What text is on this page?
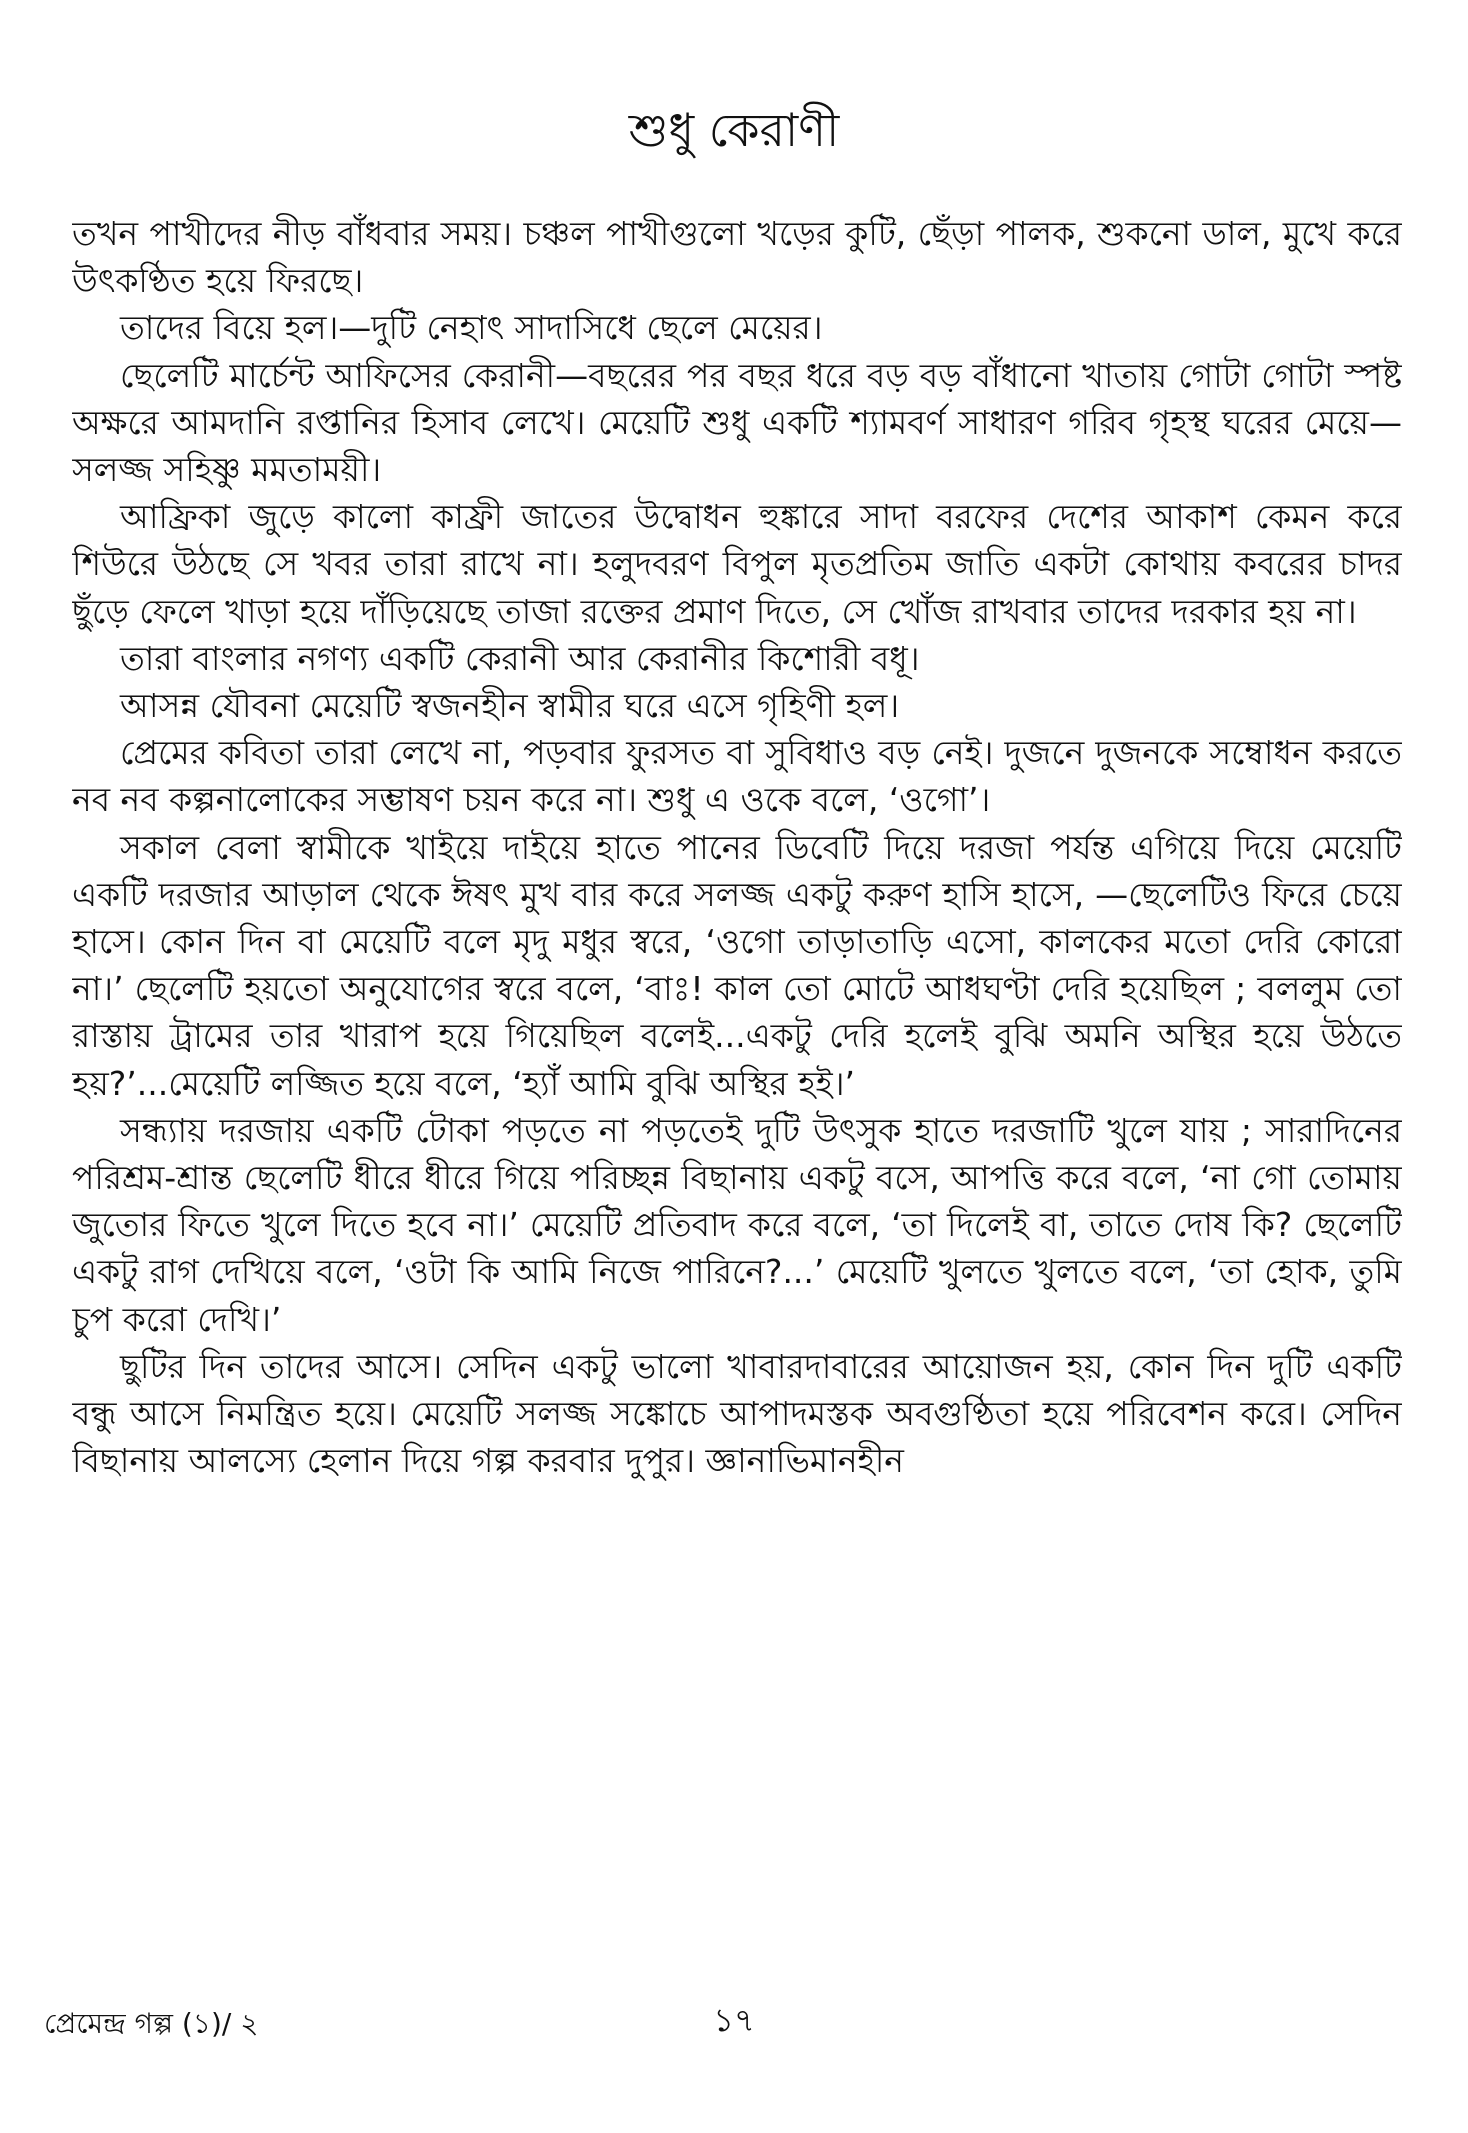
শুধু কেরাণী

তখন পাখীদের নীড় বাঁধবার সময়। চঞ্চল পাখীগুলো খড়ের কুটি, ছেঁড়া পালক, শুকনো ডাল, মুখে করে উৎকণ্ঠিত হয়ে ফিরছে।

তাদের বিয়ে হল।—দুটি নেহাৎ সাদাসিধে ছেলে মেয়ের।

ছেলেটি মার্চেন্ট আফিসের কেরানী—বছরের পর বছর ধরে বড় বড় বাঁধানো খাতায় গোটা গোটা স্পষ্ট অক্ষরে আমদানি রপ্তানির হিসাব লেখে। মেয়েটি শুধু একটি শ্যামবর্ণ সাধারণ গরিব গৃহস্থ ঘরের মেয়ে—সলজ্জ সহিষ্ণু মমতাময়ী।

আফ্রিকা জুড়ে কালো কাফ্রী জাতের উদ্বোধন হুঙ্কারে সাদা বরফের দেশের আকাশ কেমন করে শিউরে উঠছে সে খবর তারা রাখে না। হলুদবরণ বিপুল মৃতপ্রতিম জাতি একটা কোথায় কবরের চাদর ছুঁড়ে ফেলে খাড়া হয়ে দাঁড়িয়েছে তাজা রক্তের প্রমাণ দিতে, সে খোঁজ রাখবার তাদের দরকার হয় না।

তারা বাংলার নগণ্য একটি কেরানী আর কেরানীর কিশোরী বধূ।

আসন্ন যৌবনা মেয়েটি স্বজনহীন স্বামীর ঘরে এসে গৃহিণী হল।

প্রেমের কবিতা তারা লেখে না, পড়বার ফুরসত বা সুবিধাও বড় নেই। দুজনে দুজনকে সম্বোধন করতে নব নব কল্পনালোকের সম্ভাষণ চয়ন করে না। শুধু এ ওকে বলে, ‘ওগো’।

সকাল বেলা স্বামীকে খাইয়ে দাইয়ে হাতে পানের ডিবেটি দিয়ে দরজা পর্যন্ত এগিয়ে দিয়ে মেয়েটি একটি দরজার আড়াল থেকে ঈষৎ মুখ বার করে সলজ্জ একটু করুণ হাসি হাসে, —ছেলেটিও ফিরে চেয়ে হাসে। কোন দিন বা মেয়েটি বলে মৃদু মধুর স্বরে, ‘ওগো তাড়াতাড়ি এসো, কালকের মতো দেরি কোরো না।’ ছেলেটি হয়তো অনুযোগের স্বরে বলে, ‘বাঃ! কাল তো মোটে আধঘণ্টা দেরি হয়েছিল ; বললুম তো রাস্তায় ট্রামের তার খারাপ হয়ে গিয়েছিল বলেই...একটু দেরি হলেই বুঝি অমনি অস্থির হয়ে উঠতে হয়?’...মেয়েটি লজ্জিত হয়ে বলে, ‘হ্যাঁ আমি বুঝি অস্থির হই।’

সন্ধ্যায় দরজায় একটি টোকা পড়তে না পড়তেই দুটি উৎসুক হাতে দরজাটি খুলে যায় ; সারাদিনের পরিশ্রম-শ্রান্ত ছেলেটি ধীরে ধীরে গিয়ে পরিচ্ছন্ন বিছানায় একটু বসে, আপত্তি করে বলে, ‘না গো তোমায় জুতোর ফিতে খুলে দিতে হবে না।’ মেয়েটি প্রতিবাদ করে বলে, ‘তা দিলেই বা, তাতে দোষ কি? ছেলেটি একটু রাগ দেখিয়ে বলে, ‘ওটা কি আমি নিজে পারিনে?...’ মেয়েটি খুলতে খুলতে বলে, ‘তা হোক, তুমি চুপ করো দেখি।’

ছুটির দিন তাদের আসে। সেদিন একটু ভালো খাবারদাবারের আয়োজন হয়, কোন দিন দুটি একটি বন্ধু আসে নিমন্ত্রিত হয়ে। মেয়েটি সলজ্জ সঙ্কোচে আপাদমস্তক অবগুণ্ঠিতা হয়ে পরিবেশন করে। সেদিন বিছানায় আলস্যে হেলান দিয়ে গল্প করবার দুপুর। জ্ঞানাভিমানহীন

প্রেমেন্দ্র গল্প (১)/ ২	১৭
